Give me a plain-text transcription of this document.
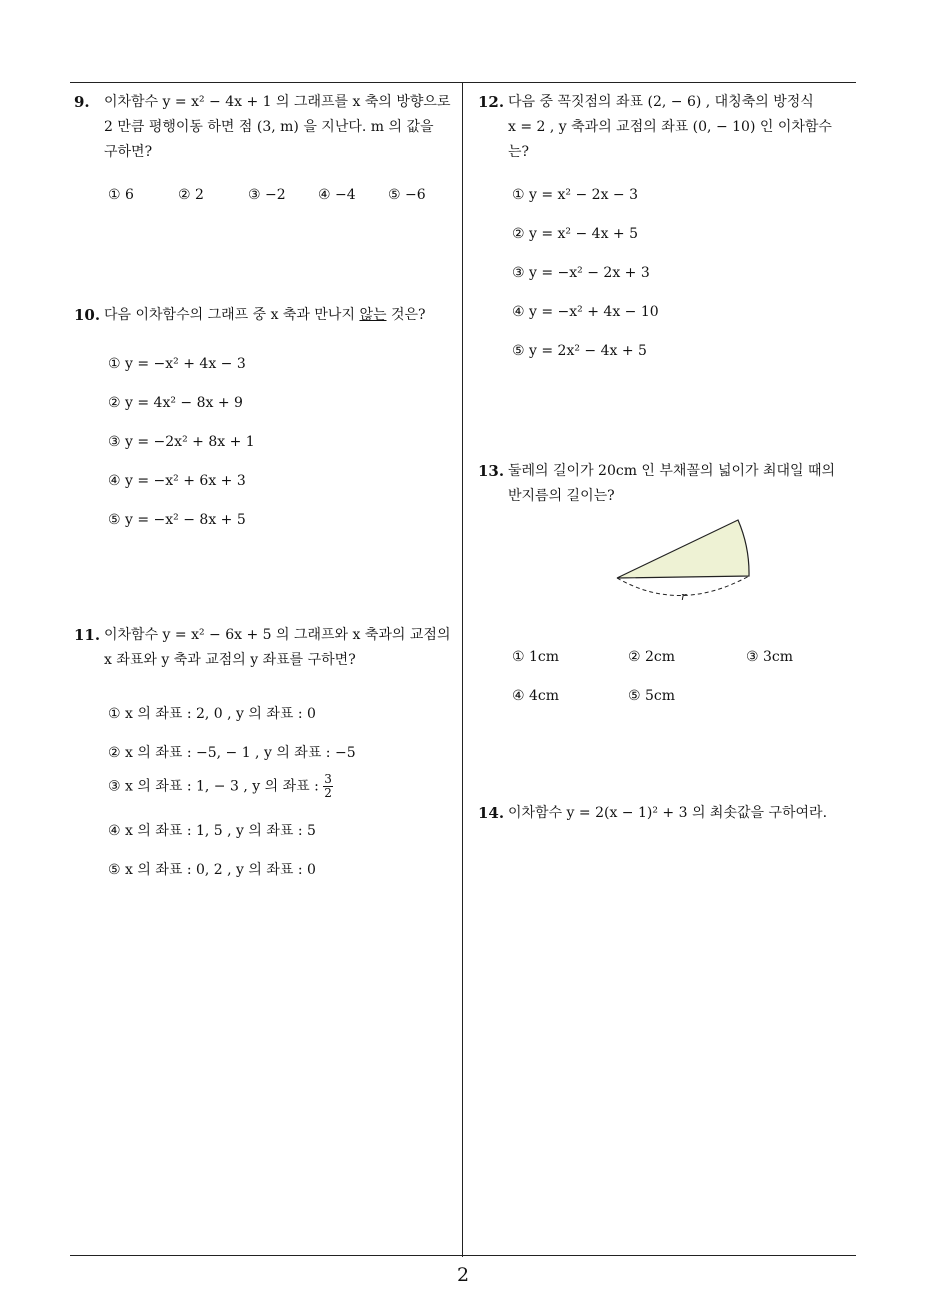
9.	이차함수 y = x² − 4x + 1 의 그래프를 x 축의 방향으로
2 만큼 평행이동 하면 점 (3, m) 을 지난다. m 의 값을
구하면?
① 6	② 2	③ −2 ④ −4 ⑤ −6
10. 다음 이차함수의 그래프 중 x 축과 만나지 않는 것은?
① y = −x² + 4x − 3
② y = 4x² − 8x + 9
③ y = −2x² + 8x + 1
④ y = −x² + 6x + 3
⑤ y = −x² − 8x + 5
11. 이차함수 y = x² − 6x + 5 의 그래프와 x 축과의 교점의
x 좌표와 y 축과 교점의 y 좌표를 구하면?
① x 의 좌표 : 2, 0 , y 의 좌표 : 0
② x 의 좌표 : −5, − 1 , y 의 좌표 : −5
③ x 의 좌표 : 1, − 3 , y 의 좌표 : $\frac{3}{2}$
④ x 의 좌표 : 1, 5 , y 의 좌표 : 5
⑤ x 의 좌표 : 0, 2 , y 의 좌표 : 0
12. 다음 중 꼭짓점의 좌표 (2, − 6) , 대칭축의 방정식
x = 2 , y 축과의 교점의 좌표 (0, − 10) 인 이차함수
는?
① y = x² − 2x − 3
② y = x² − 4x + 5
③ y = −x² − 2x + 3
④ y = −x² + 4x − 10
⑤ y = 2x² − 4x + 5
13. 둘레의 길이가 20cm 인 부채꼴의 넓이가 최대일 때의
반지름의 길이는?
① 1cm	② 2cm	③ 3cm
④ 4cm	⑤ 5cm
r
14. 이차함수 y = 2(x − 1)² + 3 의 최솟값을 구하여라.
2
